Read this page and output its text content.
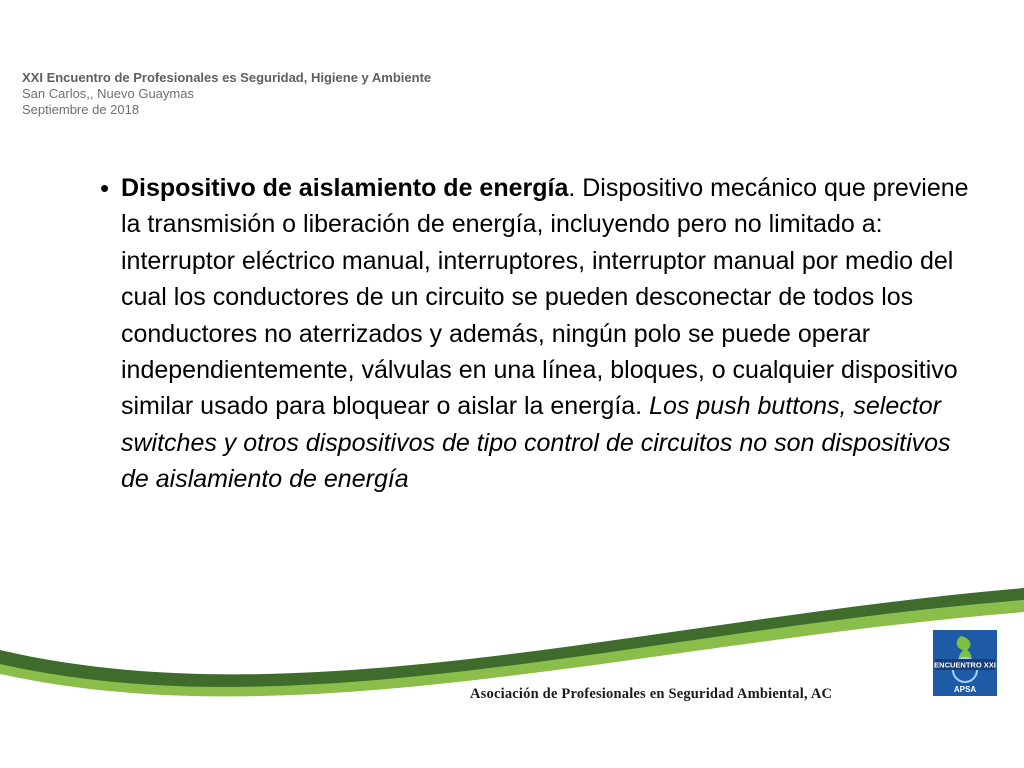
XXI Encuentro de Profesionales es Seguridad, Higiene y Ambiente
San Carlos,, Nuevo Guaymas
Septiembre de 2018
• Dispositivo de aislamiento de energía. Dispositivo mecánico que previene la transmisión o liberación de energía, incluyendo pero no limitado a: interruptor eléctrico manual, interruptores, interruptor manual por medio del cual los conductores de un circuito se pueden desconectar de todos los conductores no aterrizados y además, ningún polo se puede operar independientemente, válvulas en una línea, bloques, o cualquier dispositivo similar usado para bloquear o aislar la energía. Los push buttons, selector switches y otros dispositivos de tipo control de circuitos no son dispositivos de aislamiento de energía
Asociación de Profesionales en Seguridad Ambiental, AC
ENCUENTRO XXI
APSA
